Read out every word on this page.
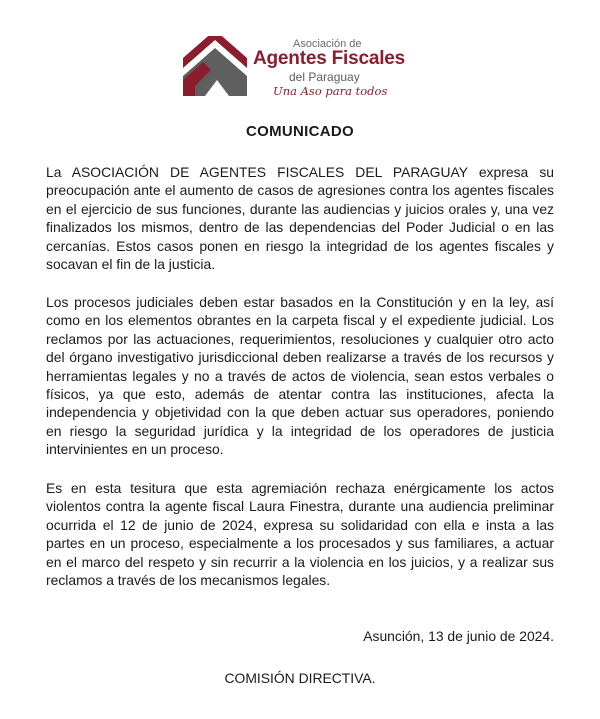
Asociación de
Agentes Fiscales
del Paraguay
Una Aso para todos
COMUNICADO

La ASOCIACIÓN DE AGENTES FISCALES DEL PARAGUAY expresa su preocupación ante el aumento de casos de agresiones contra los agentes fiscales en el ejercicio de sus funciones, durante las audiencias y juicios orales y, una vez finalizados los mismos, dentro de las dependencias del Poder Judicial o en las cercanías. Estos casos ponen en riesgo la integridad de los agentes fiscales y socavan el fin de la justicia.

Los procesos judiciales deben estar basados en la Constitución y en la ley, así como en los elementos obrantes en la carpeta fiscal y el expediente judicial. Los reclamos por las actuaciones, requerimientos, resoluciones y cualquier otro acto del órgano investigativo jurisdiccional deben realizarse a través de los recursos y herramientas legales y no a través de actos de violencia, sean estos verbales o físicos, ya que esto, además de atentar contra las instituciones, afecta la independencia y objetividad con la que deben actuar sus operadores, poniendo en riesgo la seguridad jurídica y la integridad de los operadores de justicia intervinientes en un proceso.

Es en esta tesitura que esta agremiación rechaza enérgicamente los actos violentos contra la agente fiscal Laura Finestra, durante una audiencia preliminar ocurrida el 12 de junio de 2024, expresa su solidaridad con ella e insta a las partes en un proceso, especialmente a los procesados y sus familiares, a actuar en el marco del respeto y sin recurrir a la violencia en los juicios, y a realizar sus reclamos a través de los mecanismos legales.

Asunción, 13 de junio de 2024.
COMISIÓN DIRECTIVA.
